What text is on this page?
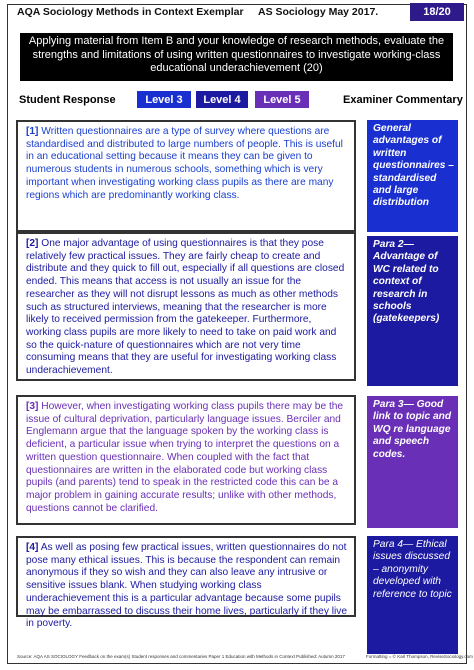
AQA Sociology Methods in Context Exemplar AS Sociology May 2017.	18/20
Applying material from Item B and your knowledge of research methods, evaluate the strengths and limitations of using written questionnaires to investigate working-class educational underachievement (20)
Student Response	Level 3	Level 4	Level 5	Examiner Commentary

[1] Written questionnaires are a type of survey where questions are standardised and distributed to large numbers of people. This is useful in an educational setting because it means they can be given to numerous students in numerous schools, something which is very important when investigating working class pupils as there are many regions which are predominantly working class.

[2] One major advantage of using questionnaires is that they pose relatively few practical issues. They are fairly cheap to create and distribute and they quick to fill out, especially if all questions are closed ended. This means that access is not usually an issue for the researcher as they will not disrupt lessons as much as other methods such as structured interviews, meaning that the researcher is more likely to received permission from the gatekeeper. Furthermore, working class pupils are more likely to need to take on paid work and so the quick-nature of questionnaires which are not very time consuming means that they are useful for investigating working class underachievement.

[3] However, when investigating working class pupils there may be the issue of cultural deprivation, particularly language issues. Berciler and Englemann argue that the language spoken by the working class is deficient, a particular issue when trying to interpret the questions on a written question questionnaire. When coupled with the fact that questionnaires are written in the elaborated code but working class pupils (and parents) tend to speak in the restricted code this can be a major problem in gaining accurate results; unlike with other methods, questions cannot be clarified.

[4] As well as posing few practical issues, written questionnaires do not pose many ethical issues. This is because the respondent can remain anonymous if they so wish and they can also leave any intrusive or sensitive issues blank. When studying working class underachievement this is a particular advantage because some pupils may be embarrassed to discuss their home lives, particularly if they live in poverty.

General advantages of written questionnaires – standardised and large distribution
Para 2— Advantage of WC related to context of research in schools (gatekeepers)
Para 3— Good link to topic and WQ re language and speech codes.
Para 4— Ethical issues discussed – anonymity developed with reference to topic
Source: AQA AS SOCIOLOGY Feedback on the exam(s) Student responses and commentaries Paper 1 Education with Methods in Context Published: Autumn 2017	Formatting = © Karl Thompson, ReviseSociology.com
